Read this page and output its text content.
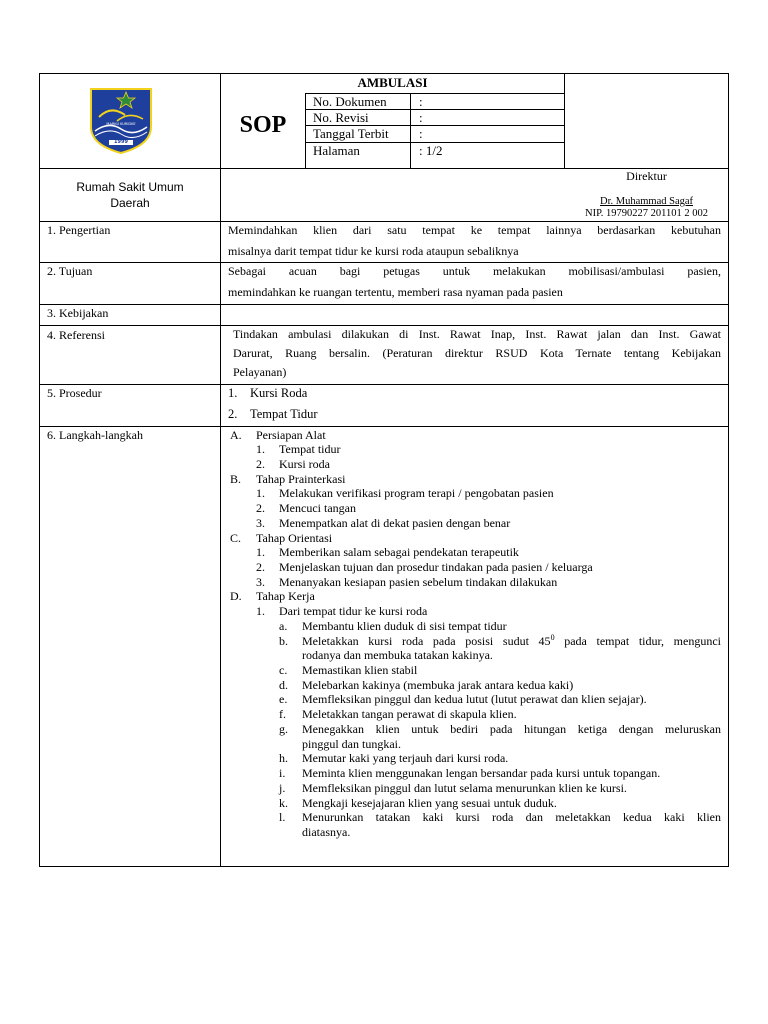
MARKU KURIDKE
1999
AMBULASI
SOP
No. Dokumen :
No. Revisi	:
Tanggal Terbit :
Halaman	: 1/2
Rumah Sakit Umum
Daerah
Direktur
Dr. Muhammad Sagaf
NIP. 19790227 201101 2 002
1. Pengertian
2. Tujuan
3. Kebijakan
4. Referensi
5. Prosedur
6. Langkah-langkah
Memindahkan klien dari satu tempat ke tempat lainnya berdasarkan kebutuhan
misalnya darit tempat tidur ke kursi roda ataupun sebaliknya
Sebagai acuan bagi petugas untuk melakukan mobilisasi/ambulasi pasien,
memindahkan ke ruangan tertentu, memberi rasa nyaman pada pasien
Tindakan ambulasi dilakukan di Inst. Rawat Inap, Inst. Rawat jalan dan Inst. Gawat
Darurat, Ruang bersalin. (Peraturan direktur RSUD Kota Ternate tentang Kebijakan
Pelayanan)
1. Kursi Roda
2. Tempat Tidur
A. Persiapan Alat
1. Tempat tidur
2. Kursi roda
B. Tahap Prainterkasi
1. Melakukan verifikasi program terapi / pengobatan pasien
2. Mencuci tangan
3. Menempatkan alat di dekat pasien dengan benar
C. Tahap Orientasi
1. Memberikan salam sebagai pendekatan terapeutik
2. Menjelaskan tujuan dan prosedur tindakan pada pasien / keluarga
3. Menanyakan kesiapan pasien sebelum tindakan dilakukan
D. Tahap Kerja
1. Dari tempat tidur ke kursi roda
a. Membantu klien duduk di sisi tempat tidur
b. Meletakkan kursi roda pada posisi sudut $45^0$ pada tempat tidur, mengunci
rodanya dan membuka tatakan kakinya.
c. Memastikan klien stabil
d. Melebarkan kakinya (membuka jarak antara kedua kaki)
e. Memfleksikan pinggul dan kedua lutut (lutut perawat dan klien sejajar).
f. Meletakkan tangan perawat di skapula klien.
g. Menegakkan klien untuk bediri pada hitungan ketiga dengan meluruskan
pinggul dan tungkai.
h. Memutar kaki yang terjauh dari kursi roda.
i. Meminta klien menggunakan lengan bersandar pada kursi untuk topangan.
j. Memfleksikan pinggul dan lutut selama menurunkan klien ke kursi.
k. Mengkaji kesejajaran klien yang sesuai untuk duduk.
l. Menurunkan tatakan kaki kursi roda dan meletakkan kedua kaki klien
diatasnya.
